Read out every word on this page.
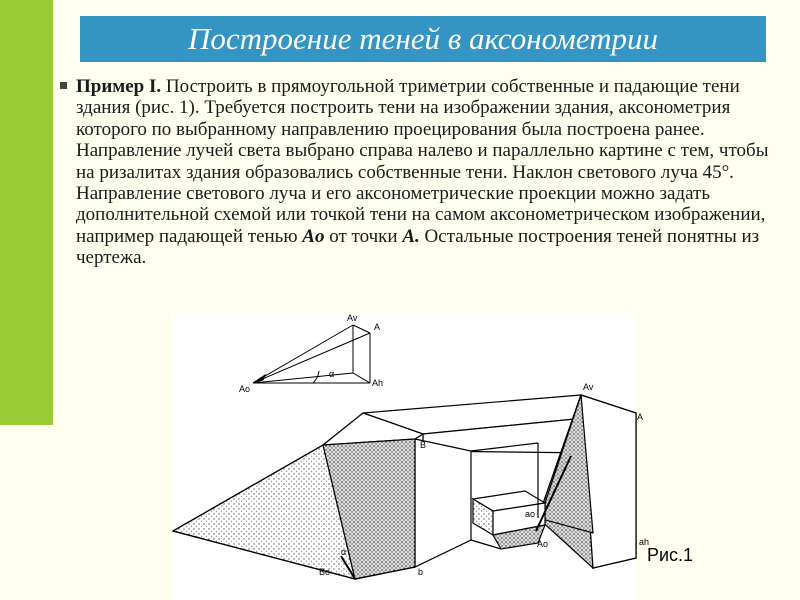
Построение теней в аксонометрии

Пример I. Построить в прямоугольной триметрии собственные и падающие тени здания (рис. 1). Требуется построить тени на изображении здания, аксонометрия которого по выбранному направлению проецирования была построена ранее. Направление лучей света выбрано справа налево и параллельно картине с тем, чтобы на ризалитах здания образовались собственные тени. Наклон светового луча 45°. Направление светового луча и его аксонометрические проекции можно задать дополнительной схемой или точкой тени на самом аксонометрическом изображении, например падающей тенью Ao от точки A. Остальные построения теней понятны из чертежа.

Av
A
Ao
α
Ah	Av
A
B
ao
Ao	ah
Bo	b
α	Рис.1
